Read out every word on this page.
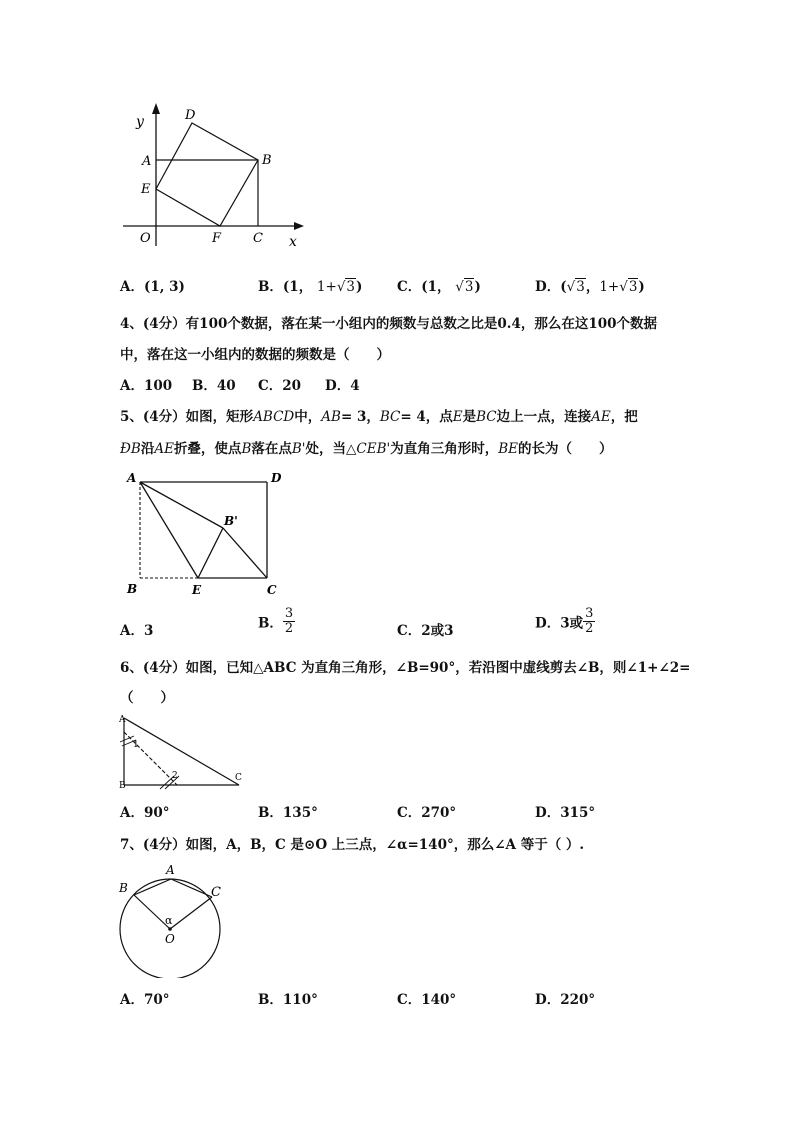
y
x
D
A	B
E
O	F C
A．(1, 3)	B．(1， 1+√3)	C．(1， √3)	D．(√3，1+√3)
4、(4分）有100个数据，落在某一小组内的频数与总数之比是0.4，那么在这100个数据
中，落在这一小组内的数据的频数是（　　）
A．100 B．40 C．20 D．4
5、(4分）如图，矩形ABCD中，AB= 3，BC= 4，点E是BC边上一点，连接AE，把
ÐB沿AE折叠，使点B落在点B'处，当△CEB'为直角三角形时，BE的长为（　　）
A	D
B'
B	E	C
A．3	B． $\frac{3}{2}$	C．2或3	D．3或 $\frac{3}{2}$
6、(4分）如图，已知△ABC 为直角三角形，∠B=90°，若沿图中虚线剪去∠B，则∠1+∠2=
（　　）
A
B
C
1
2
A．90°	B．135°	C．270°	D．315°
7、(4分）如图，A，B，C 是⊙O 上三点，∠α=140°，那么∠A 等于（ ）.
A
B	C
O
α
A．70°	B．110°	C．140°	D．220°
